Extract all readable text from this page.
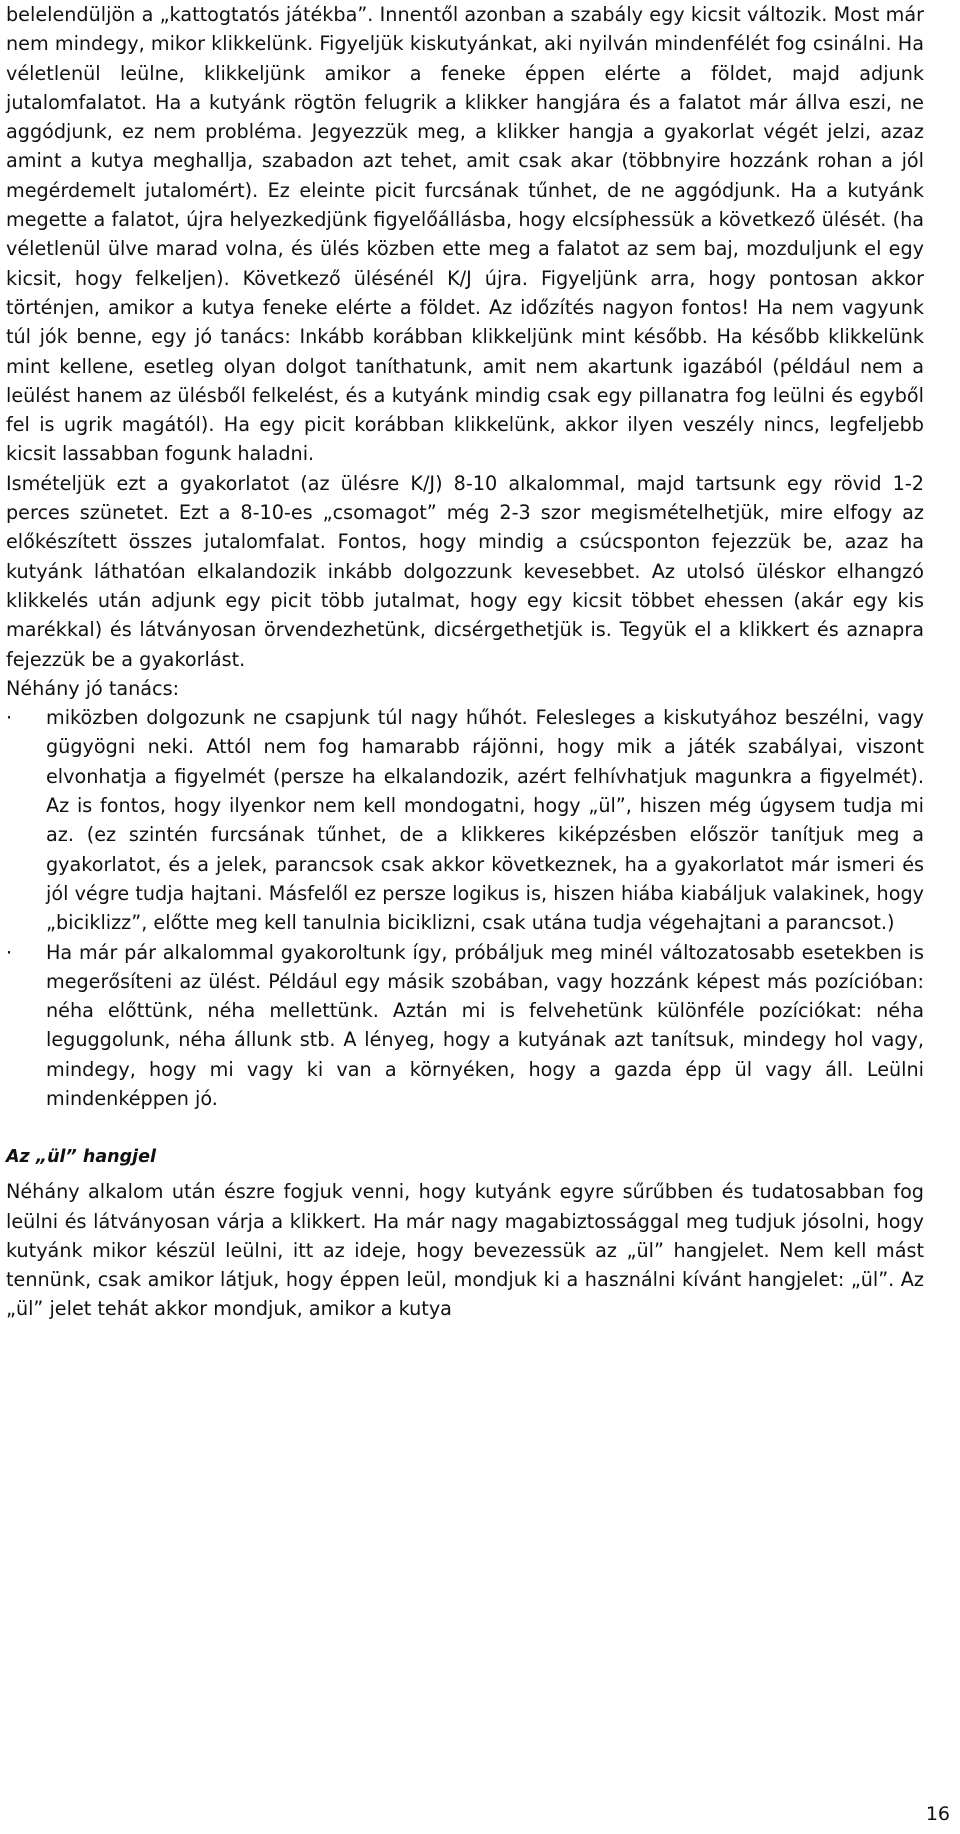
belelendüljön a „kattogtatós játékba”. Innentől azonban a szabály egy kicsit változik. Most már nem mindegy, mikor klikkelünk. Figyeljük kiskutyánkat, aki nyilván mindenfélét fog csinálni. Ha véletlenül leülne, klikkeljünk amikor a feneke éppen elérte a földet, majd adjunk jutalomfalatot. Ha a kutyánk rögtön felugrik a klikker hangjára és a falatot már állva eszi, ne aggódjunk, ez nem probléma. Jegyezzük meg, a klikker hangja a gyakorlat végét jelzi, azaz amint a kutya meghallja, szabadon azt tehet, amit csak akar (többnyire hozzánk rohan a jól megérdemelt jutalomért). Ez eleinte picit furcsának tűnhet, de ne aggódjunk. Ha a kutyánk megette a falatot, újra helyezkedjünk figyelőállásba, hogy elcsíphessük a következő ülését. (ha véletlenül ülve marad volna, és ülés közben ette meg a falatot az sem baj, mozduljunk el egy kicsit, hogy felkeljen). Következő ülésénél K/J újra. Figyeljünk arra, hogy pontosan akkor történjen, amikor a kutya feneke elérte a földet. Az időzítés nagyon fontos! Ha nem vagyunk túl jók benne, egy jó tanács: Inkább korábban klikkeljünk mint később. Ha később klikkelünk mint kellene, esetleg olyan dolgot taníthatunk, amit nem akartunk igazából (például nem a leülést hanem az ülésből felkelést, és a kutyánk mindig csak egy pillanatra fog leülni és egyből fel is ugrik magától). Ha egy picit korábban klikkelünk, akkor ilyen veszély nincs, legfeljebb kicsit lassabban fogunk haladni.

Ismételjük ezt a gyakorlatot (az ülésre K/J) 8-10 alkalommal, majd tartsunk egy rövid 1-2 perces szünetet. Ezt a 8-10-es „csomagot” még 2-3 szor megismételhetjük, mire elfogy az előkészített összes jutalomfalat. Fontos, hogy mindig a csúcsponton fejezzük be, azaz ha kutyánk láthatóan elkalandozik inkább dolgozzunk kevesebbet. Az utolsó üléskor elhangzó klikkelés után adjunk egy picit több jutalmat, hogy egy kicsit többet ehessen (akár egy kis marékkal) és látványosan örvendezhetünk, dicsérgethetjük is. Tegyük el a klikkert és aznapra fejezzük be a gyakorlást.

Néhány jó tanács:

· miközben dolgozunk ne csapjunk túl nagy hűhót. Felesleges a kiskutyához beszélni, vagy gügyögni neki. Attól nem fog hamarabb rájönni, hogy mik a játék szabályai, viszont elvonhatja a figyelmét (persze ha elkalandozik, azért felhívhatjuk magunkra a figyelmét). Az is fontos, hogy ilyenkor nem kell mondogatni, hogy „ül”, hiszen még úgysem tudja mi az. (ez szintén furcsának tűnhet, de a klikkeres kiképzésben először tanítjuk meg a gyakorlatot, és a jelek, parancsok csak akkor következnek, ha a gyakorlatot már ismeri és jól végre tudja hajtani. Másfelől ez persze logikus is, hiszen hiába kiabáljuk valakinek, hogy „biciklizz”, előtte meg kell tanulnia biciklizni, csak utána tudja végehajtani a parancsot.)
· Ha már pár alkalommal gyakoroltunk így, próbáljuk meg minél változatosabb esetekben is megerősíteni az ülést. Például egy másik szobában, vagy hozzánk képest más pozícióban: néha előttünk, néha mellettünk. Aztán mi is felvehetünk különféle pozíciókat: néha leguggolunk, néha állunk stb. A lényeg, hogy a kutyának azt tanítsuk, mindegy hol vagy, mindegy, hogy mi vagy ki van a környéken, hogy a gazda épp ül vagy áll. Leülni mindenképpen jó.
Az „ül” hangjel

Néhány alkalom után észre fogjuk venni, hogy kutyánk egyre sűrűbben és tudatosabban fog leülni és látványosan várja a klikkert. Ha már nagy magabiztossággal meg tudjuk jósolni, hogy kutyánk mikor készül leülni, itt az ideje, hogy bevezessük az „ül” hangjelet. Nem kell mást tennünk, csak amikor látjuk, hogy éppen leül, mondjuk ki a használni kívánt hangjelet: „ül”. Az „ül” jelet tehát akkor mondjuk, amikor a kutya

16
